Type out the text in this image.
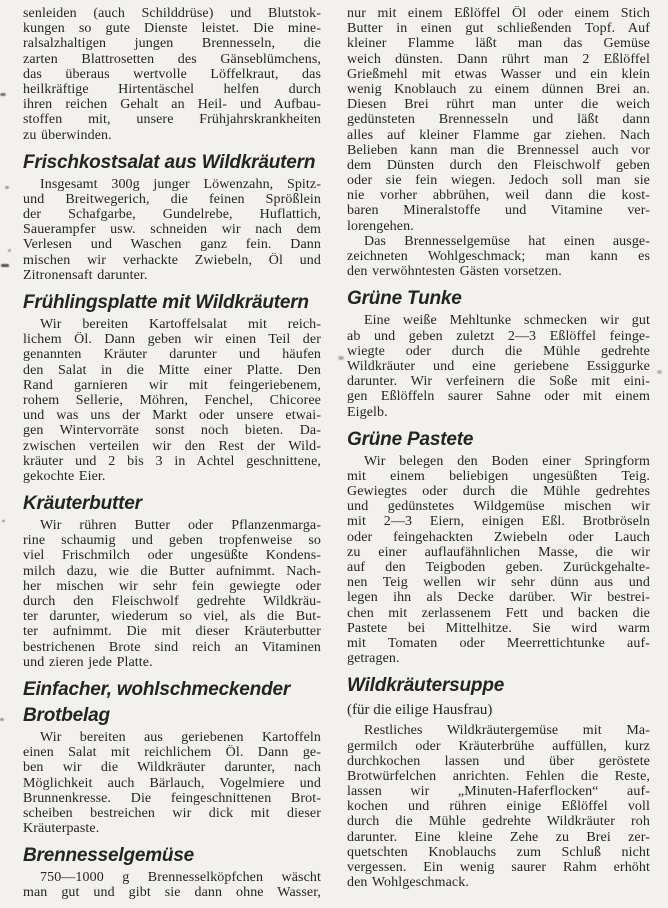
senleiden (auch Schilddrüse) und Blutstok-
kungen so gute Dienste leistet. Die mine-
ralsalzhaltigen jungen Brennesseln, die
zarten Blattrosetten des Gänseblümchens,
das überaus wertvolle Löffelkraut, das
heilkräftige Hirtentäschel helfen durch
ihren reichen Gehalt an Heil- und Aufbau-
stoffen mit, unsere Frühjahrskrankheiten
zu überwinden.
Frischkostsalat aus Wildkräutern
Insgesamt 300g junger Löwenzahn, Spitz-
und Breitwegerich, die feinen Sprößlein
der Schafgarbe, Gundelrebe, Huflattich,
Sauerampfer usw. schneiden wir nach dem
Verlesen und Waschen ganz fein. Dann
mischen wir verhackte Zwiebeln, Öl und
Zitronensaft darunter.
Frühlingsplatte mit Wildkräutern
Wir bereiten Kartoffelsalat mit reich-
lichem Öl. Dann geben wir einen Teil der
genannten Kräuter darunter und häufen
den Salat in die Mitte einer Platte. Den
Rand garnieren wir mit feingeriebenem,
rohem Sellerie, Möhren, Fenchel, Chicoree
und was uns der Markt oder unsere etwai-
gen Wintervorräte sonst noch bieten. Da-
zwischen verteilen wir den Rest der Wild-
kräuter und 2 bis 3 in Achtel geschnittene,
gekochte Eier.
Kräuterbutter
Wir rühren Butter oder Pflanzenmarga-
rine schaumig und geben tropfenweise so
viel Frischmilch oder ungesüßte Kondens-
milch dazu, wie die Butter aufnimmt. Nach-
her mischen wir sehr fein gewiegte oder
durch den Fleischwolf gedrehte Wildkräu-
ter darunter, wiederum so viel, als die But-
ter aufnimmt. Die mit dieser Kräuterbutter
bestrichenen Brote sind reich an Vitaminen
und zieren jede Platte.
Einfacher, wohlschmeckender
Brotbelag
Wir bereiten aus geriebenen Kartoffeln
einen Salat mit reichlichem Öl. Dann ge-
ben wir die Wildkräuter darunter, nach
Möglichkeit auch Bärlauch, Vogelmiere und
Brunnenkresse. Die feingeschnittenen Brot-
scheiben bestreichen wir dick mit dieser
Kräuterpaste.
Brennesselgemüse
750—1000 g Brennesselköpfchen wäscht
man gut und gibt sie dann ohne Wasser,
nur mit einem Eßlöffel Öl oder einem Stich
Butter in einen gut schließenden Topf. Auf
kleiner Flamme läßt man das Gemüse
weich dünsten. Dann rührt man 2 Eßlöffel
Grießmehl mit etwas Wasser und ein klein
wenig Knoblauch zu einem dünnen Brei an.
Diesen Brei rührt man unter die weich
gedünsteten Brennesseln und läßt dann
alles auf kleiner Flamme gar ziehen. Nach
Belieben kann man die Brennessel auch vor
dem Dünsten durch den Fleischwolf geben
oder sie fein wiegen. Jedoch soll man sie
nie vorher abbrühen, weil dann die kost-
baren Mineralstoffe und Vitamine ver-
lorengehen.
Das Brennesselgemüse hat einen ausge-
zeichneten Wohlgeschmack; man kann es
den verwöhntesten Gästen vorsetzen.
Grüne Tunke
Eine weiße Mehltunke schmecken wir gut
ab und geben zuletzt 2—3 Eßlöffel feinge-
wiegte oder durch die Mühle gedrehte
Wildkräuter und eine geriebene Essiggurke
darunter. Wir verfeinern die Soße mit eini-
gen Eßlöffeln saurer Sahne oder mit einem
Eigelb.
Grüne Pastete
Wir belegen den Boden einer Springform
mit einem beliebigen ungesüßten Teig.
Gewiegtes oder durch die Mühle gedrehtes
und gedünstetes Wildgemüse mischen wir
mit 2—3 Eiern, einigen Eßl. Brotbröseln
oder feingehackten Zwiebeln oder Lauch
zu einer auflaufähnlichen Masse, die wir
auf den Teigboden geben. Zurückgehalte-
nen Teig wellen wir sehr dünn aus und
legen ihn als Decke darüber. Wir bestrei-
chen mit zerlassenem Fett und backen die
Pastete bei Mittelhitze. Sie wird warm
mit Tomaten oder Meerrettichtunke auf-
getragen.
Wildkräutersuppe
(für die eilige Hausfrau)
Restliches Wildkräutergemüse mit Ma-
germilch oder Kräuterbrühe auffüllen, kurz
durchkochen lassen und über geröstete
Brotwürfelchen anrichten. Fehlen die Reste,
lassen wir „Minuten-Haferflocken“ auf-
kochen und rühren einige Eßlöffel voll
durch die Mühle gedrehte Wildkräuter roh
darunter. Eine kleine Zehe zu Brei zer-
quetschten Knoblauchs zum Schluß nicht
vergessen. Ein wenig saurer Rahm erhöht
den Wohlgeschmack.
